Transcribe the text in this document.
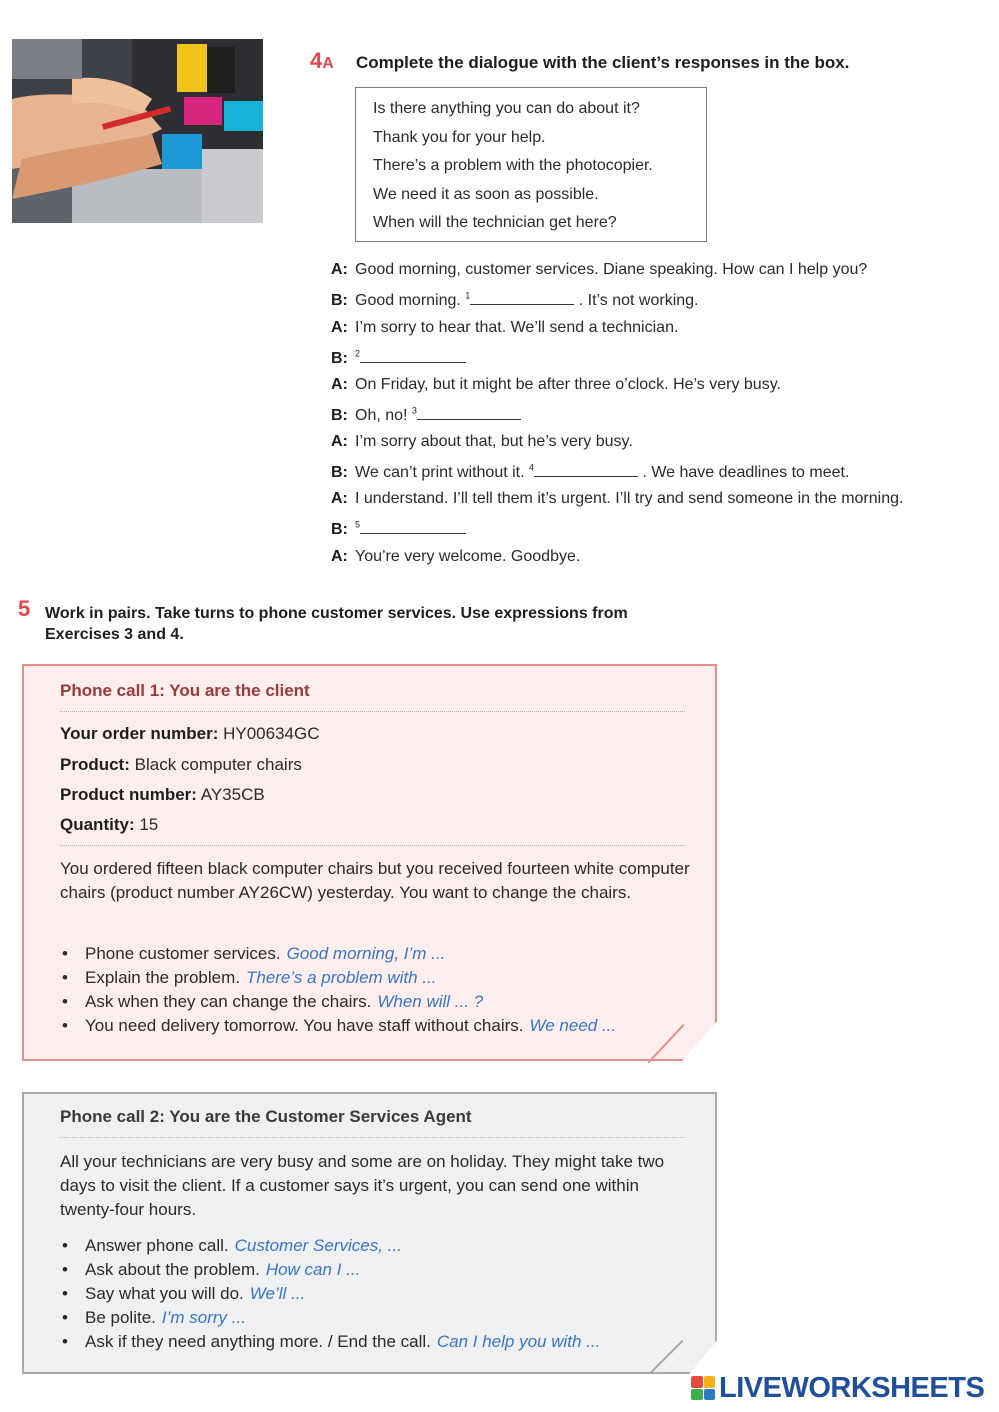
4A Complete the dialogue with the client’s responses in the box.
Is there anything you can do about it?
Thank you for your help.
There’s a problem with the photocopier.
We need it as soon as possible.
When will the technician get here?
A: Good morning, customer services. Diane speaking. How can I help you?
B: Good morning. $^1$	. It’s not working.
A: I’m sorry to hear that. We’ll send a technician.
B: $^2$
A: On Friday, but it might be after three o’clock. He’s very busy.
B: Oh, no! $^3$
A: I’m sorry about that, but he’s very busy.
B: We can’t print without it. $^4$	. We have deadlines to meet.
A: I understand. I’ll tell them it’s urgent. I’ll try and send someone in the morning.
B: $^5$
A: You’re very welcome. Goodbye.
5 Work in pairs. Take turns to phone customer services. Use expressions from
Exercises 3 and 4.
Phone call 1: You are the client
Your order number: HY00634GC
Product: Black computer chairs
Product number: AY35CB
Quantity: 15
You ordered fifteen black computer chairs but you received fourteen white computer chairs (product number AY26CW) yesterday. You want to change the chairs.
• Phone customer services. Good morning, I’m ...
• Explain the problem. There’s a problem with ...
• Ask when they can change the chairs. When will ... ?
• You need delivery tomorrow. You have staff without chairs. We need ...
Phone call 2: You are the Customer Services Agent
All your technicians are very busy and some are on holiday. They might take two days to visit the client. If a customer says it’s urgent, you can send one within twenty-four hours.
• Answer phone call. Customer Services, ...
• Ask about the problem. How can I ...
• Say what you will do. We’ll ...
• Be polite. I’m sorry ...
• Ask if they need anything more. / End the call. Can I help you with ...
LIVEWORKSHEETS
